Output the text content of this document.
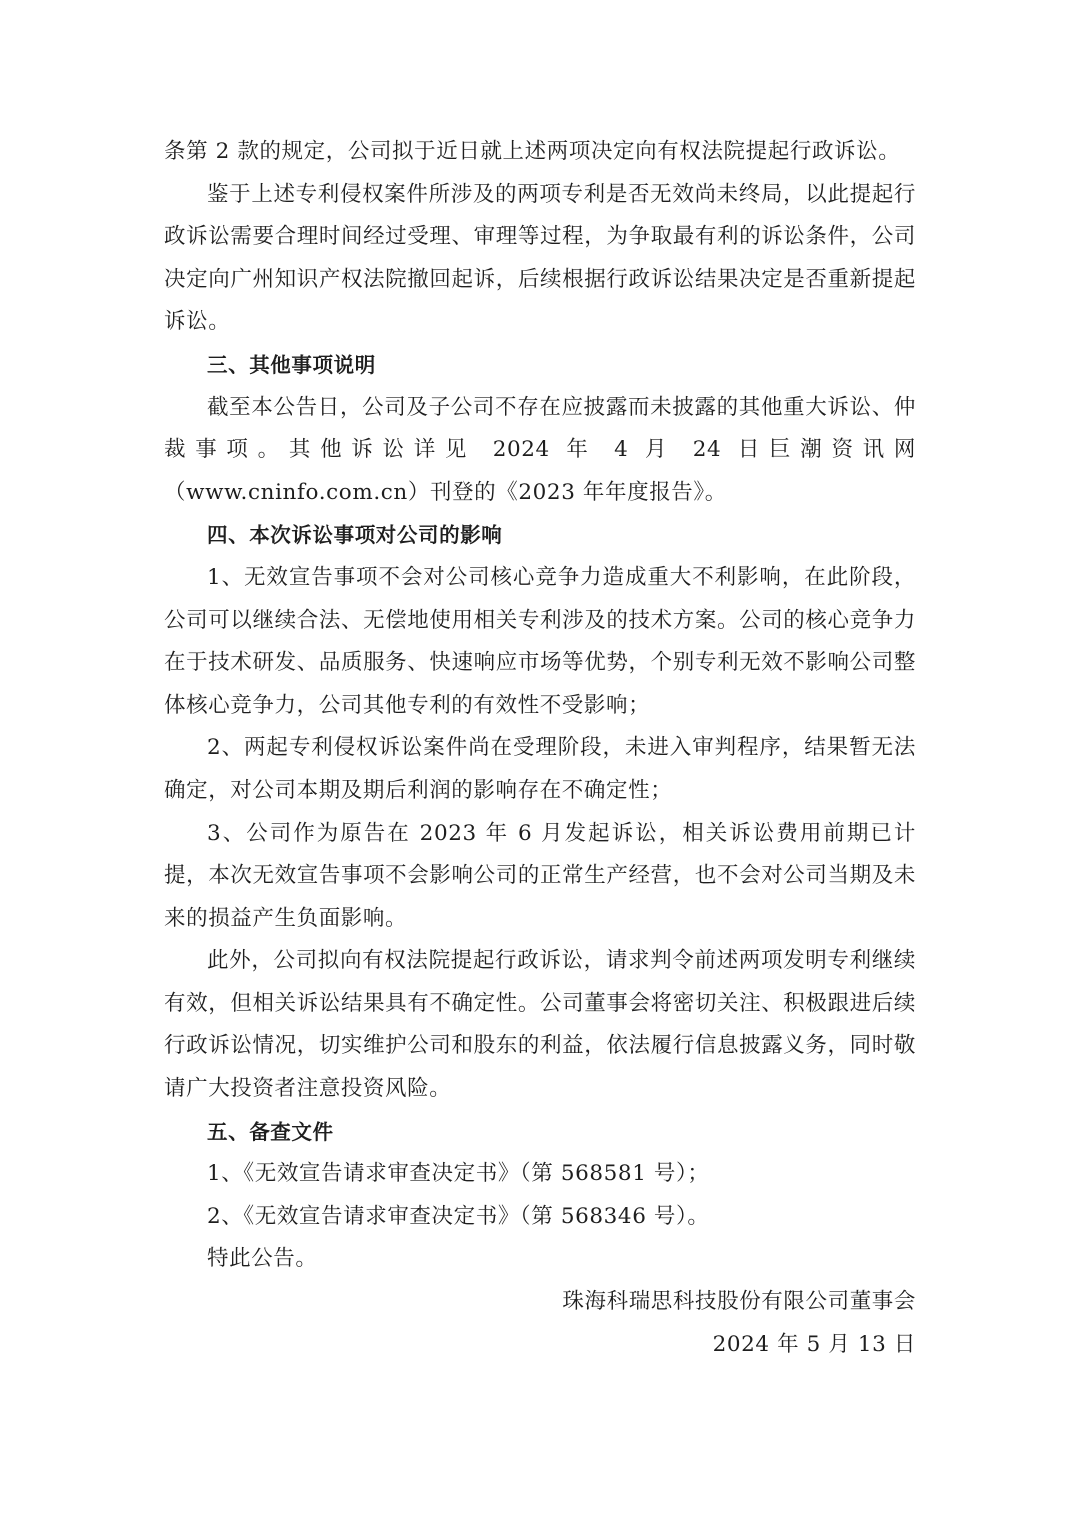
条第 2 款的规定，公司拟于近日就上述两项决定向有权法院提起行政诉讼。

鉴于上述专利侵权案件所涉及的两项专利是否无效尚未终局，以此提起行政诉讼需要合理时间经过受理、审理等过程，为争取最有利的诉讼条件，公司决定向广州知识产权法院撤回起诉，后续根据行政诉讼结果决定是否重新提起诉讼。

三、其他事项说明

截至本公告日，公司及子公司不存在应披露而未披露的其他重大诉讼、仲裁事项。其他诉讼详见 2024 年 4 月 24 日巨潮资讯网（www.cninfo.com.cn）刊登的《2023 年年度报告》。

四、本次诉讼事项对公司的影响

1、无效宣告事项不会对公司核心竞争力造成重大不利影响，在此阶段，公司可以继续合法、无偿地使用相关专利涉及的技术方案。公司的核心竞争力在于技术研发、品质服务、快速响应市场等优势，个别专利无效不影响公司整体核心竞争力，公司其他专利的有效性不受影响；

2、两起专利侵权诉讼案件尚在受理阶段，未进入审判程序，结果暂无法确定，对公司本期及期后利润的影响存在不确定性；

3、公司作为原告在 2023 年 6 月发起诉讼，相关诉讼费用前期已计提，本次无效宣告事项不会影响公司的正常生产经营，也不会对公司当期及未来的损益产生负面影响。

此外，公司拟向有权法院提起行政诉讼，请求判令前述两项发明专利继续有效，但相关诉讼结果具有不确定性。公司董事会将密切关注、积极跟进后续行政诉讼情况，切实维护公司和股东的利益，依法履行信息披露义务，同时敬请广大投资者注意投资风险。

五、备查文件

1、《无效宣告请求审查决定书》（第 568581 号）；

2、《无效宣告请求审查决定书》（第 568346 号）。

特此公告。

珠海科瑞思科技股份有限公司董事会

2024 年 5 月 13 日
